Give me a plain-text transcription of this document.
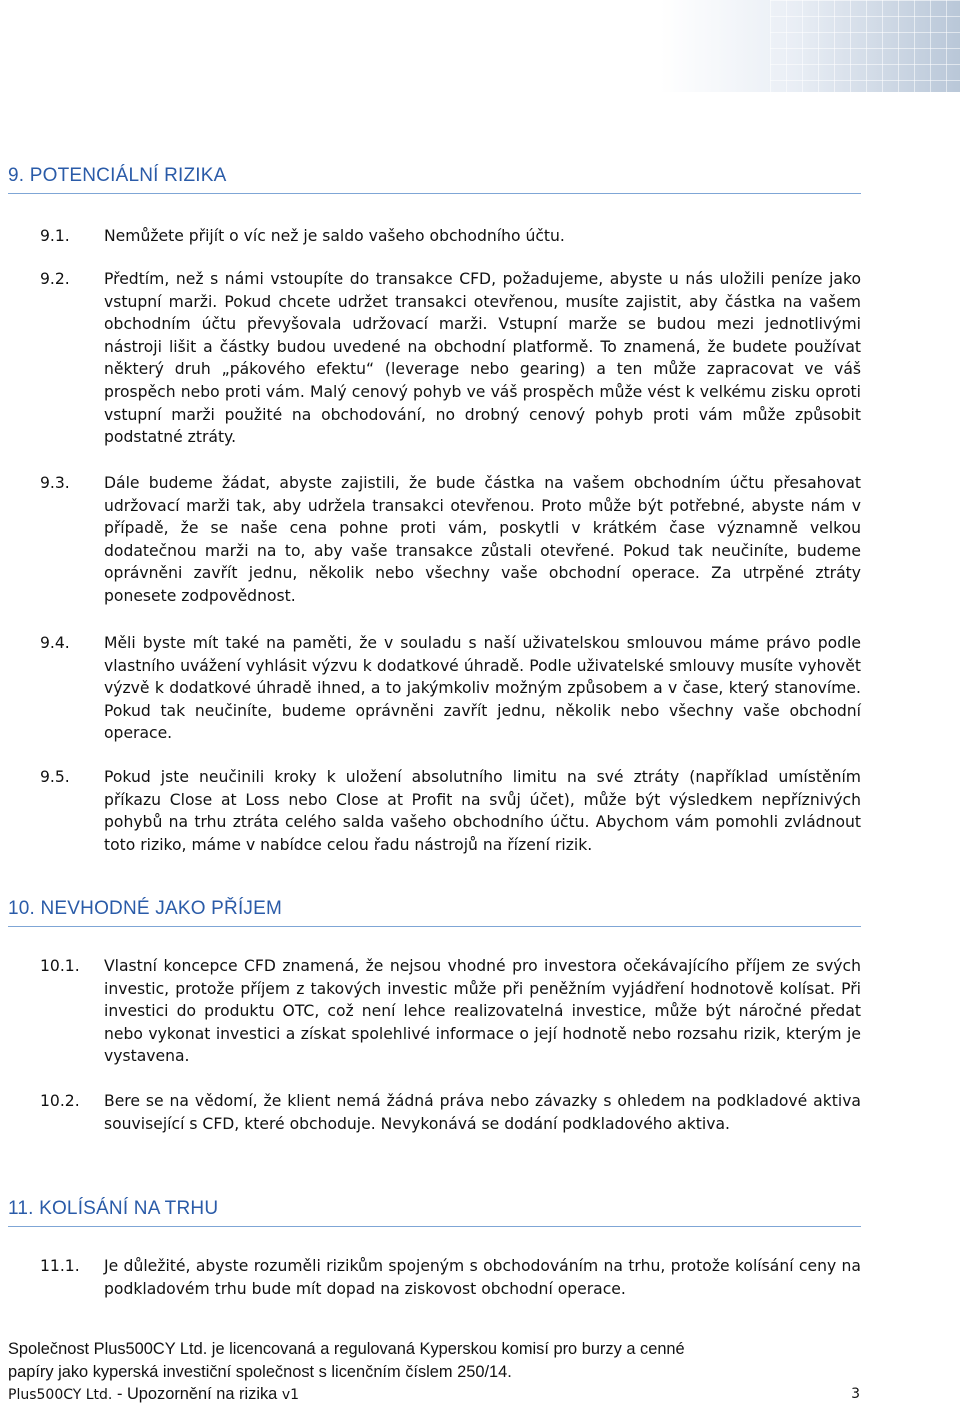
9. POTENCIÁLNÍ RIZIKA
9.1.	Nemůžete přijít o víc než je saldo vašeho obchodního účtu.
9.2.	Předtím, než s námi vstoupíte do transakce CFD, požadujeme, abyste u nás uložili peníze jako vstupní marži. Pokud chcete udržet transakci otevřenou, musíte zajistit, aby částka na vašem obchodním účtu převyšovala udržovací marži. Vstupní marže se budou mezi jednotlivými nástroji lišit a částky budou uvedené na obchodní platformě. To znamená, že budete používat některý druh „pákového efektu“ (leverage nebo gearing) a ten může zapracovat ve váš prospěch nebo proti vám. Malý cenový pohyb ve váš prospěch může vést k velkému zisku oproti vstupní marži použité na obchodování, no drobný cenový pohyb proti vám může způsobit podstatné ztráty.
9.3.	Dále budeme žádat, abyste zajistili, že bude částka na vašem obchodním účtu přesahovat udržovací marži tak, aby udržela transakci otevřenou. Proto může být potřebné, abyste nám v případě, že se naše cena pohne proti vám, poskytli v krátkém čase významně velkou dodatečnou marži na to, aby vaše transakce zůstali otevřené. Pokud tak neučiníte, budeme oprávněni zavřít jednu, několik nebo všechny vaše obchodní operace. Za utrpěné ztráty ponesete zodpovědnost.
9.4.	Měli byste mít také na paměti, že v souladu s naší uživatelskou smlouvou máme právo podle vlastního uvážení vyhlásit výzvu k dodatkové úhradě. Podle uživatelské smlouvy musíte vyhovět výzvě k dodatkové úhradě ihned, a to jakýmkoliv možným způsobem a v čase, který stanovíme. Pokud tak neučiníte, budeme oprávněni zavřít jednu, několik nebo všechny vaše obchodní operace.
9.5.	Pokud jste neučinili kroky k uložení absolutního limitu na své ztráty (například umístěním příkazu Close at Loss nebo Close at Profit na svůj účet), může být výsledkem nepříznivých pohybů na trhu ztráta celého salda vašeho obchodního účtu. Abychom vám pomohli zvládnout toto riziko, máme v nabídce celou řadu nástrojů na řízení rizik.
10. NEVHODNÉ JAKO PŘÍJEM
10.1.	Vlastní koncepce CFD znamená, že nejsou vhodné pro investora očekávajícího příjem ze svých investic, protože příjem z takových investic může při peněžním vyjádření hodnotově kolísat. Při investici do produktu OTC, což není lehce realizovatelná investice, může být náročné předat nebo vykonat investici a získat spolehlivé informace o její hodnotě nebo rozsahu rizik, kterým je vystavena.
10.2.	Bere se na vědomí, že klient nemá žádná práva nebo závazky s ohledem na podkladové aktiva související s CFD, které obchoduje. Nevykonává se dodání podkladového aktiva.
11. KOLÍSÁNÍ NA TRHU
11.1.	Je důležité, abyste rozuměli rizikům spojeným s obchodováním na trhu, protože kolísání ceny na podkladovém trhu bude mít dopad na ziskovost obchodní operace.
Společnost Plus500CY Ltd. je licencovaná a regulovaná Kyperskou komisí pro burzy a cenné
papíry jako kyperská investiční společnost s licenčním číslem 250/14.
Plus500CY Ltd. - Upozornění na rizika v1	3
